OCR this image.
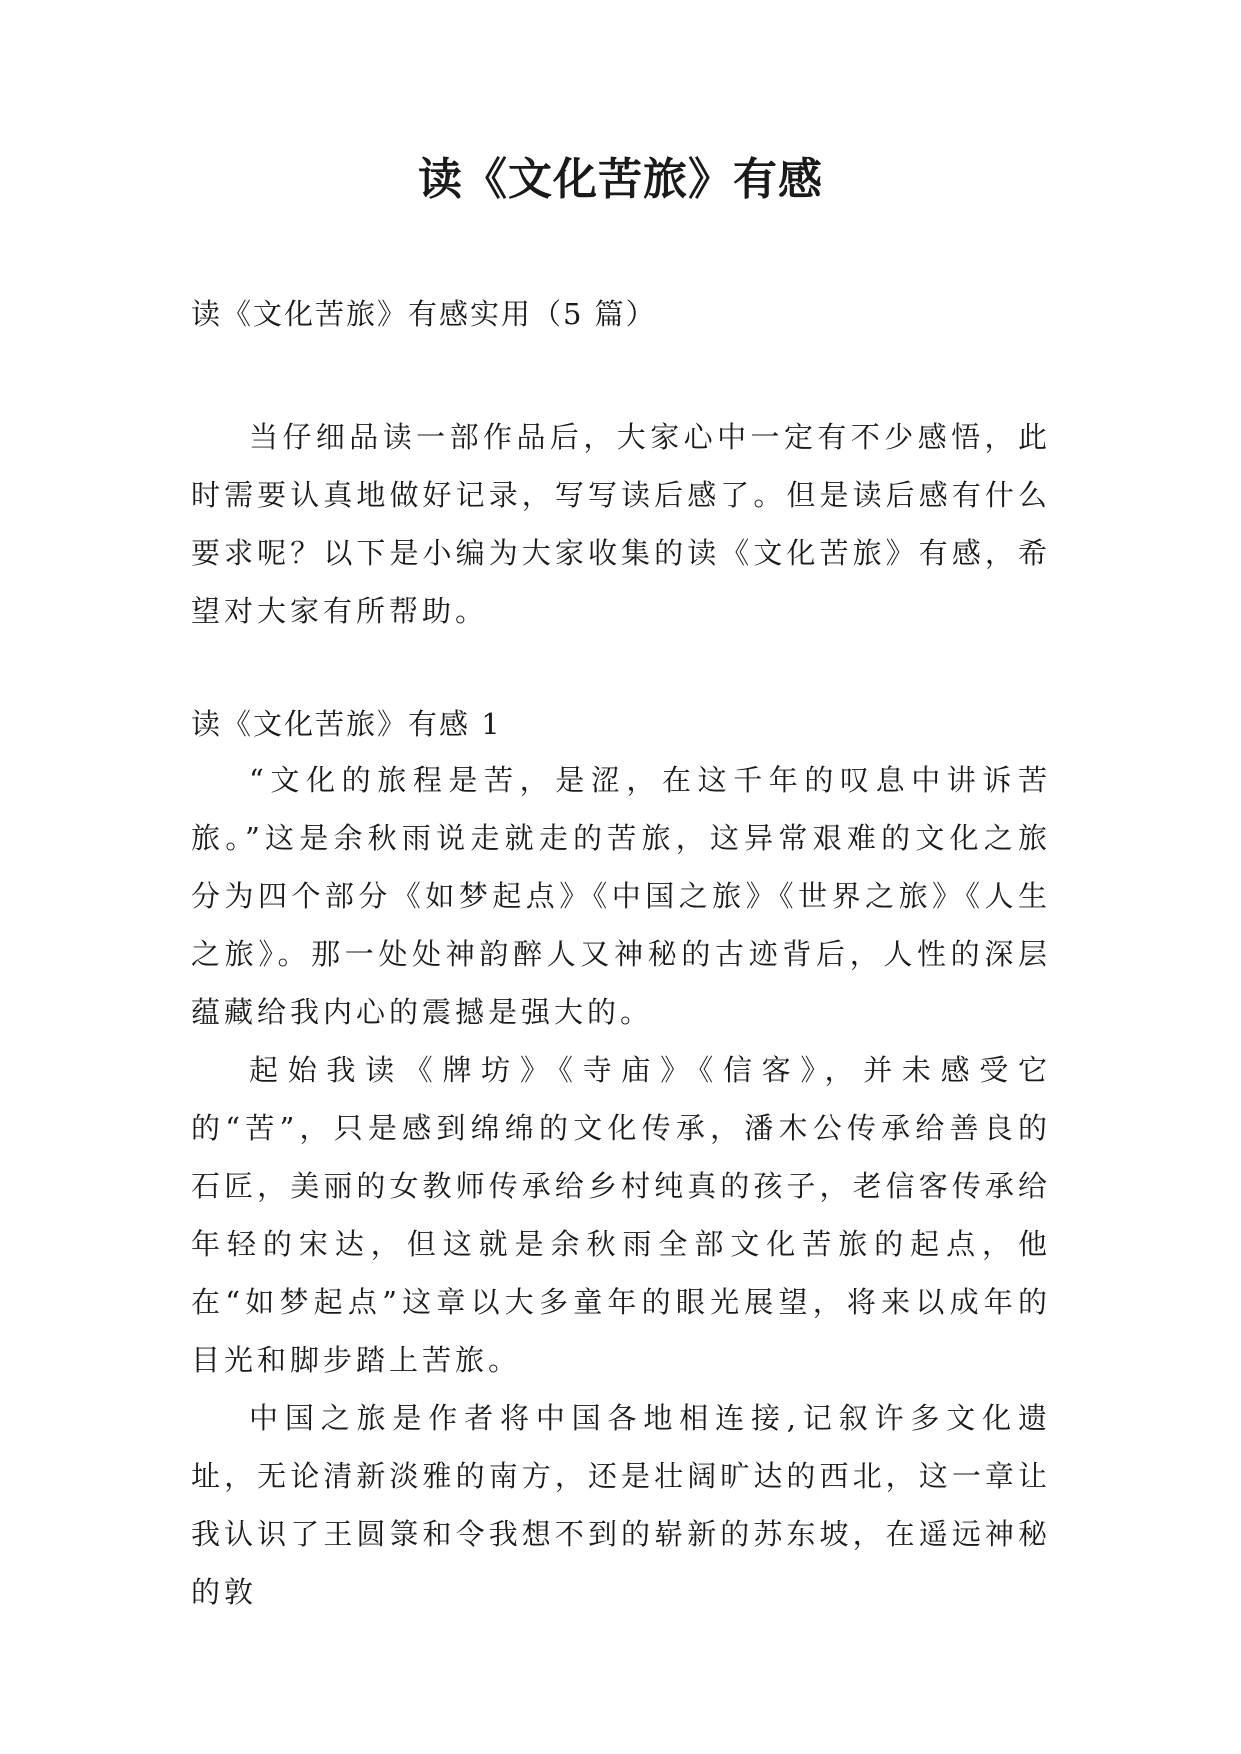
读《文化苦旅》有感
读《文化苦旅》有感实用（5 篇）

当仔细品读一部作品后，大家心中一定有不少感悟，此时需要认真地做好记录，写写读后感了。但是读后感有什么要求呢？以下是小编为大家收集的读《文化苦旅》有感，希望对大家有所帮助。

读《文化苦旅》有感 1

“文化的旅程是苦，是涩，在这千年的叹息中讲诉苦旅。”这是余秋雨说走就走的苦旅，这异常艰难的文化之旅分为四个部分《如梦起点》《中国之旅》《世界之旅》《人生之旅》。那一处处神韵醉人又神秘的古迹背后，人性的深层蕴藏给我内心的震撼是强大的。

起始我读《牌坊》《寺庙》《信客》，并未感受它的“苦”，只是感到绵绵的文化传承，潘木公传承给善良的石匠，美丽的女教师传承给乡村纯真的孩子，老信客传承给年轻的宋达，但这就是余秋雨全部文化苦旅的起点，他在“如梦起点”这章以大多童年的眼光展望，将来以成年的目光和脚步踏上苦旅。

中国之旅是作者将中国各地相连接,记叙许多文化遗址，无论清新淡雅的南方，还是壮阔旷达的西北，这一章让我认识了王圆箓和令我想不到的崭新的苏东坡，在遥远神秘的敦
